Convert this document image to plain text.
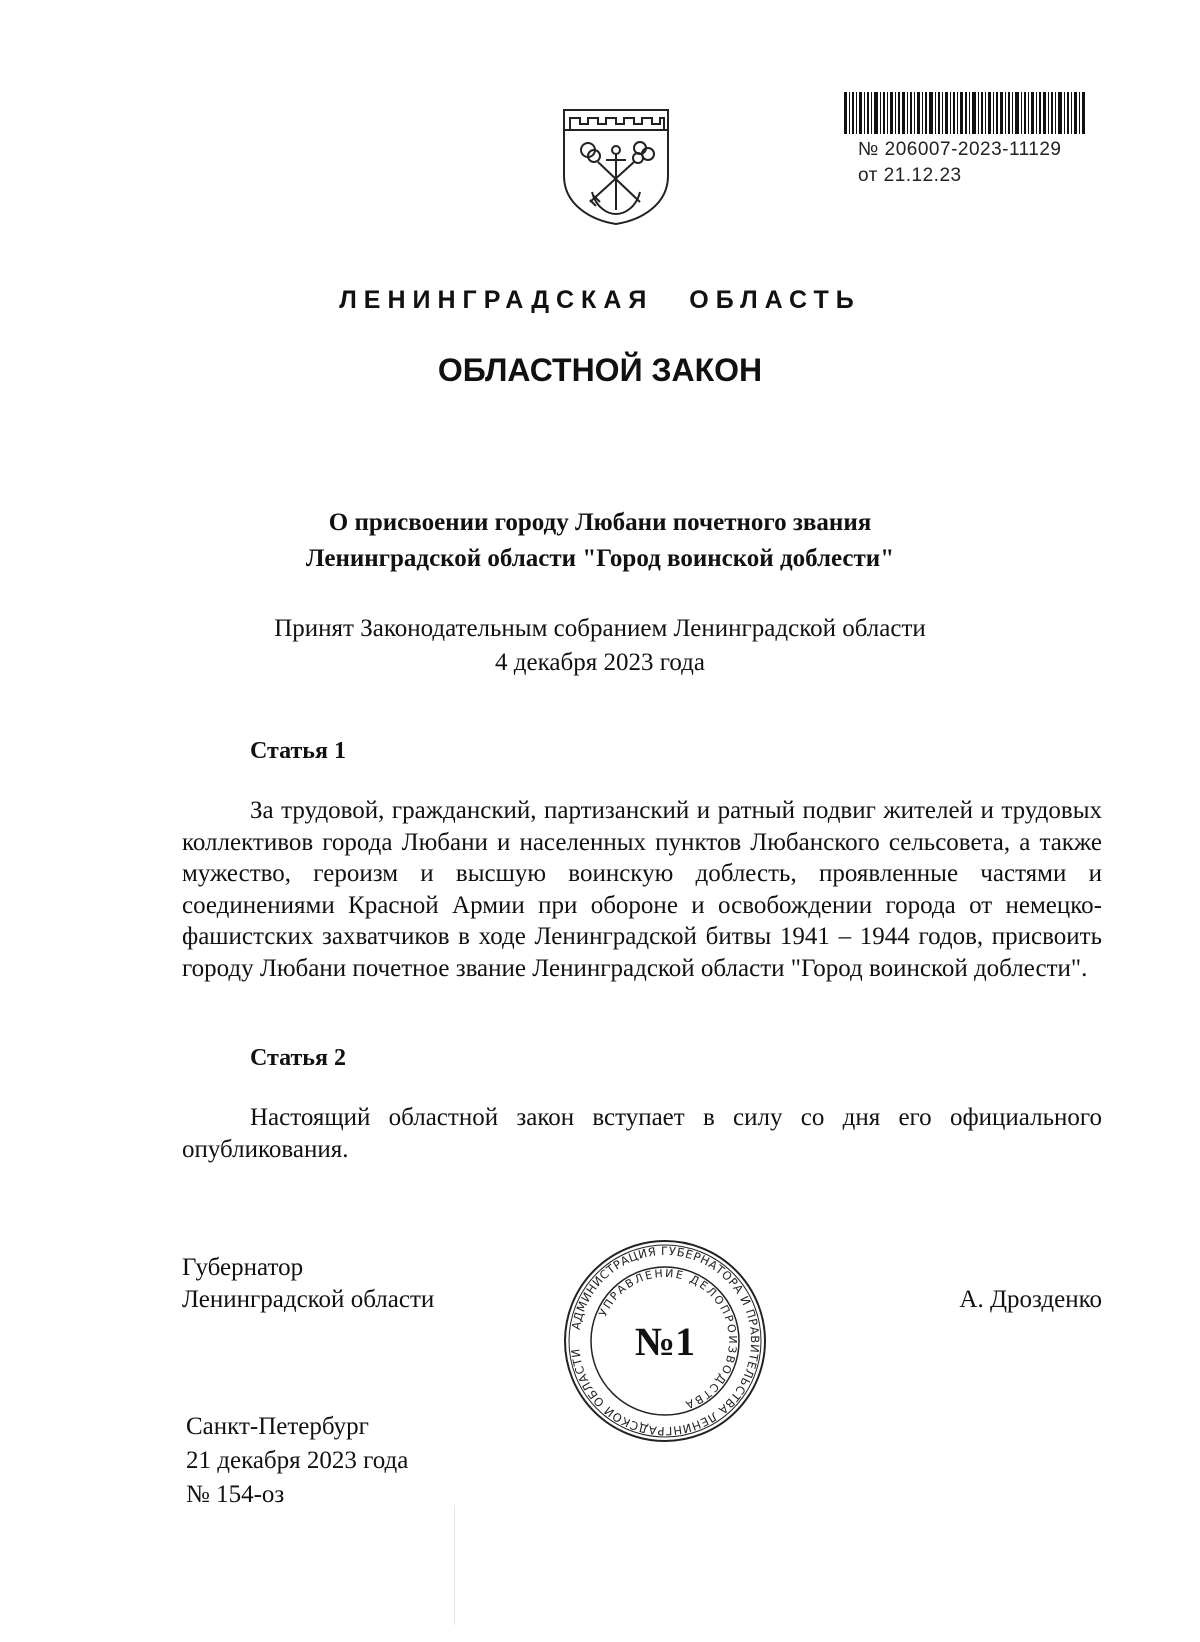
№ 206007-2023-11129
от 21.12.23
ЛЕНИНГРАДСКАЯ ОБЛАСТЬ
ОБЛАСТНОЙ ЗАКОН
О присвоении городу Любани почетного звания
Ленинградской области "Город воинской доблести"
Принят Законодательным собранием Ленинградской области
4 декабря 2023 года
Статья 1

За трудовой, гражданский, партизанский и ратный подвиг жителей и трудовых коллективов города Любани и населенных пунктов Любанского сельсовета, а также мужество, героизм и высшую воинскую доблесть, проявленные частями и соединениями Красной Армии при обороне и освобождении города от немецко-фашистских захватчиков в ходе Ленинградской битвы 1941 – 1944 годов, присвоить городу Любани почетное звание Ленинградской области "Город воинской доблести".

Статья 2

Настоящий областной закон вступает в силу со дня его официального опубликования.

Губернатор
Ленинградской области
АДМИНИСТРАЦИЯ ГУБЕРНАТОРА И ПРАВИТЕЛЬСТВА ЛЕНИНГРАДСКОЙ ОБЛАСТИ
УПРАВЛЕНИЕ ДЕЛОПРОИЗВОДСТВА
№1
А. Дрозденко
Санкт-Петербург
21 декабря 2023 года
№ 154-оз
